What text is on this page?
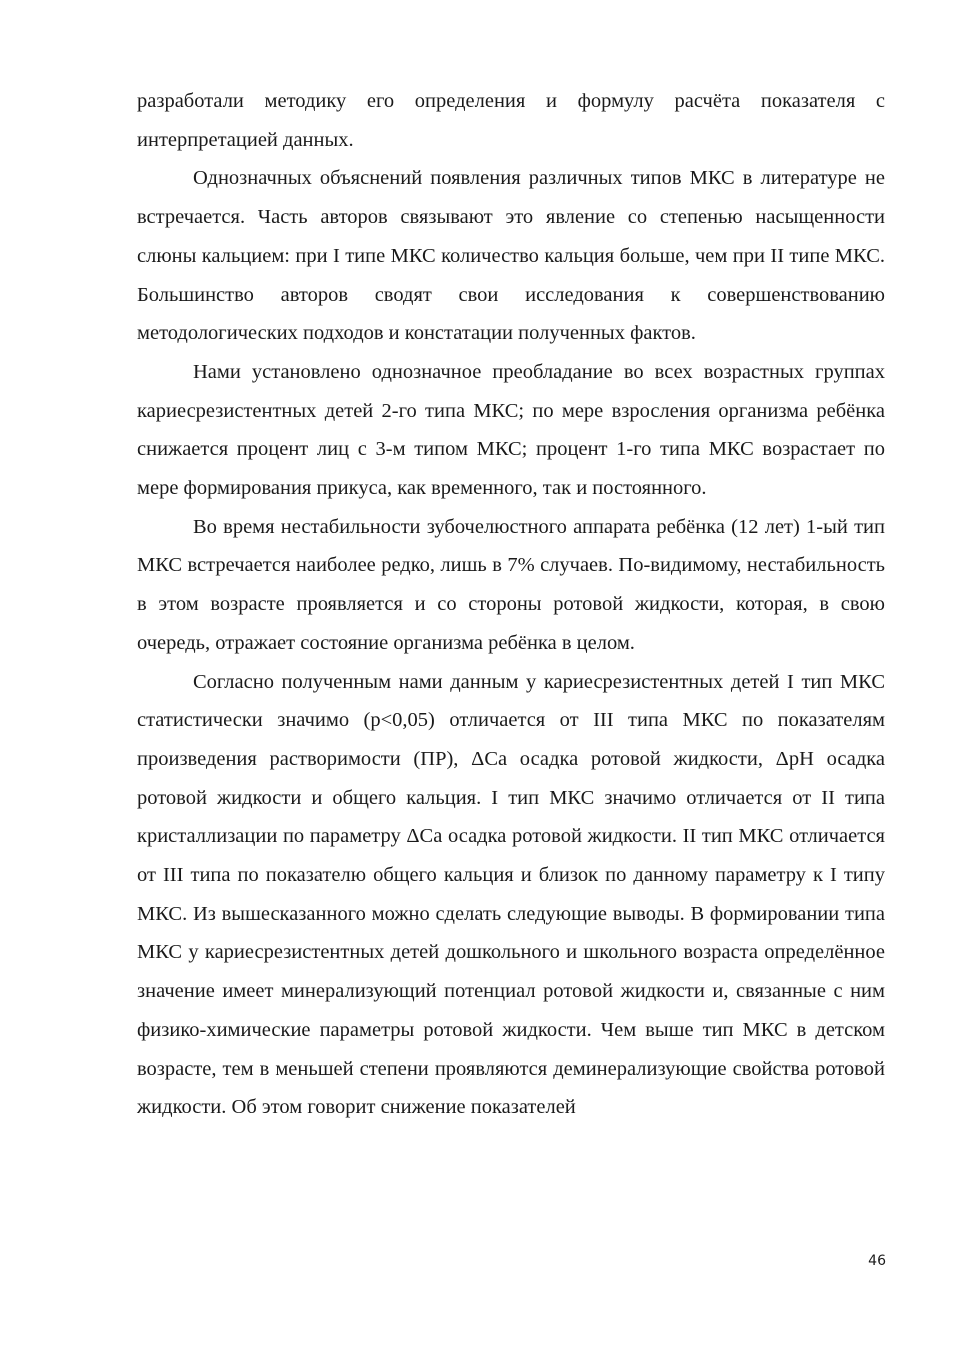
разработали методику его определения и формулу расчёта показателя с интерпретацией данных.

Однозначных объяснений появления различных типов МКС в литературе не встречается. Часть авторов связывают это явление со степенью насыщенности слюны кальцием: при I типе МКС количество кальция больше, чем при II типе МКС. Большинство авторов сводят свои исследования к совершенствованию методологических подходов и констатации полученных фактов.

Нами установлено однозначное преобладание во всех возрастных группах кариесрезистентных детей 2-го типа МКС; по мере взросления организма ребёнка снижается процент лиц с 3-м типом МКС; процент 1-го типа МКС возрастает по мере формирования прикуса, как временного, так и постоянного.

Во время нестабильности зубочелюстного аппарата ребёнка (12 лет) 1-ый тип МКС встречается наиболее редко, лишь в 7% случаев. По-видимому, нестабильность в этом возрасте проявляется и со стороны ротовой жидкости, которая, в свою очередь, отражает состояние организма ребёнка в целом.

Согласно полученным нами данным у кариесрезистентных детей I тип МКС статистически значимо (р<0,05) отличается от III типа МКС по показателям произведения растворимости (ПР), ΔCa осадка ротовой жидкости, ΔpH осадка ротовой жидкости и общего кальция. I тип МКС значимо отличается от II типа кристаллизации по параметру ΔCa осадка ротовой жидкости. II тип МКС отличается от III типа по показателю общего кальция и близок по данному параметру к I типу МКС. Из вышесказанного можно сделать следующие выводы. В формировании типа МКС у кариесрезистентных детей дошкольного и школьного возраста определённое значение имеет минерализующий потенциал ротовой жидкости и, связанные с ним физико-химические параметры ротовой жидкости. Чем выше тип МКС в детском возрасте, тем в меньшей степени проявляются деминерализующие свойства ротовой жидкости. Об этом говорит снижение показателей

46
